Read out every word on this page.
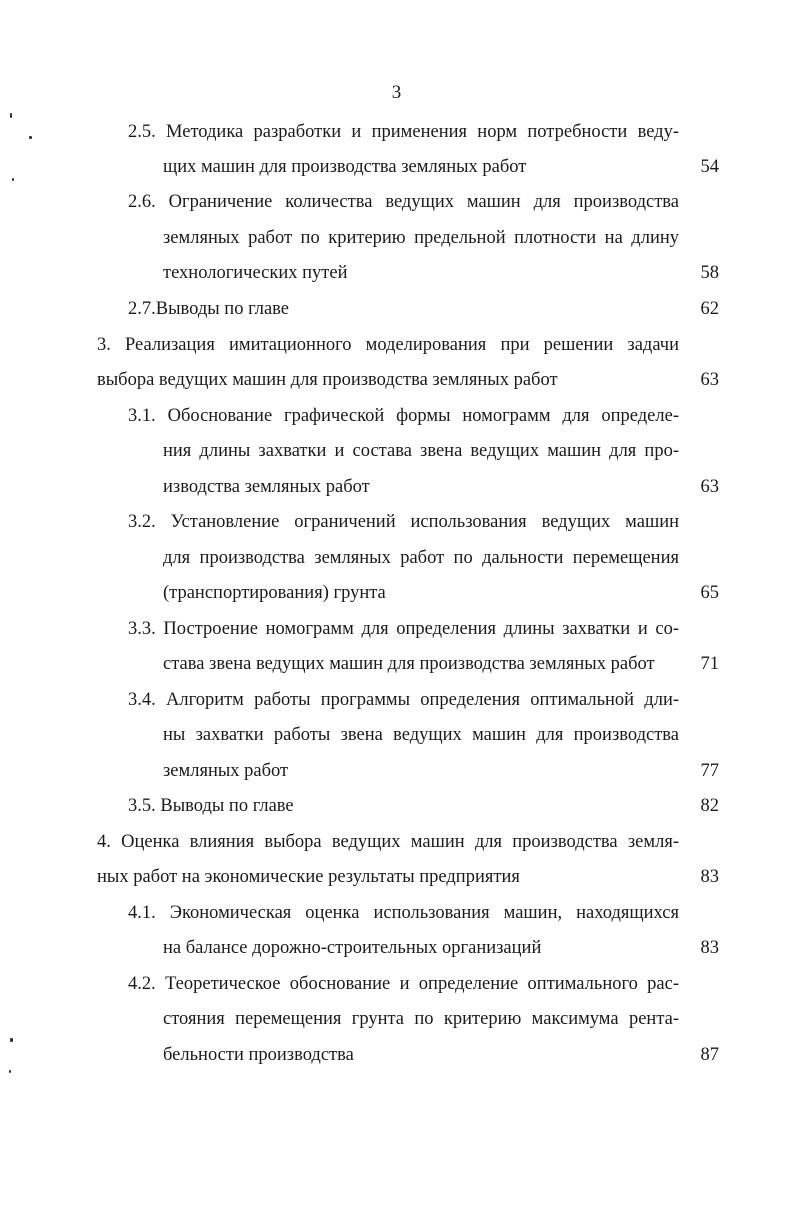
3
2.5. Методика разработки и применения норм потребности веду-
щих машин для производства земляных работ	54
2.6. Ограничение количества ведущих машин для производства
земляных работ по критерию предельной плотности на длину
технологических путей	58
2.7.Выводы по главе	62
3. Реализация имитационного моделирования при решении задачи
выбора ведущих машин для производства земляных работ	63
3.1. Обоснование графической формы номограмм для определе-
ния длины захватки и состава звена ведущих машин для про-
изводства земляных работ	63
3.2. Установление ограничений использования ведущих машин
для производства земляных работ по дальности перемещения
(транспортирования) грунта	65
3.3. Построение номограмм для определения длины захватки и со-
става звена ведущих машин для производства земляных работ 71
3.4. Алгоритм работы программы определения оптимальной дли-
ны захватки работы звена ведущих машин для производства
земляных работ	77
3.5. Выводы по главе	82
4. Оценка влияния выбора ведущих машин для производства земля-
ных работ на экономические результаты предприятия	83
4.1. Экономическая оценка использования машин, находящихся
на балансе дорожно-строительных организаций	83
4.2. Теоретическое обоснование и определение оптимального рас-
стояния перемещения грунта по критерию максимума рента-
бельности производства	87
